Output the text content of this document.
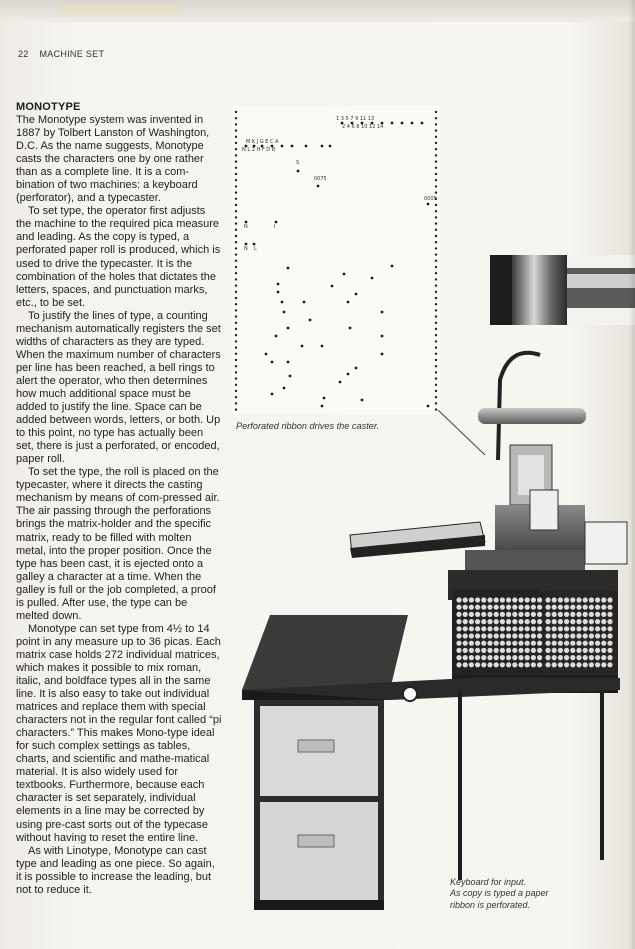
22 MACHINE SET
MONOTYPE

The Monotype system was invented in 1887 by Tolbert Lanston of Washington, D.C. As the name suggests, Monotype casts the characters one by one rather than as a complete line. It is a com-bination of two machines: a keyboard (perforator), and a typecaster.

To set type, the operator first adjusts the machine to the required pica measure and leading. As the copy is typed, a perforated paper roll is produced, which is used to drive the typecaster. It is the combination of the holes that dictates the letters, spaces, and punctuation marks, etc., to be set.

To justify the lines of type, a counting mechanism automatically registers the set widths of characters as they are typed. When the maximum number of characters per line has been reached, a bell rings to alert the operator, who then determines how much additional space must be added to justify the line. Space can be added between words, letters, or both. Up to this point, no type has actually been set, there is just a perforated, or encoded, paper roll.

To set the type, the roll is placed on the typecaster, where it directs the casting mechanism by means of com-pressed air. The air passing through the perforations brings the matrix-holder and the specific matrix, ready to be filled with molten metal, into the proper position. Once the type has been cast, it is ejected onto a galley a character at a time. When the galley is full or the job completed, a proof is pulled. After use, the type can be melted down.

Monotype can set type from 4½ to 14 point in any measure up to 36 picas. Each matrix case holds 272 individual matrices, which makes it possible to mix roman, italic, and boldface types all in the same line. It is also easy to take out individual matrices and replace them with special characters not in the regular font called “pi characters.” This makes Mono-type ideal for such complex settings as tables, charts, and scientific and mathe-matical material. It is also widely used for textbooks. Furthermore, because each character is set separately, individual elements in a line may be corrected by using pre-cast sorts out of the typecase without having to reset the entire line.

As with Linotype, Monotype can cast type and leading as one piece. So again, it is possible to increase the leading, but not to reduce it.

1 3 5 7 9 11 13
2 4 6 8 10 12 14
M K J G E C A
N L 2 H F D B
S
0075
0005
N	I
N L
Perforated ribbon drives the caster.
Keyboard for input.
As copy is typed a paper
ribbon is perforated.
